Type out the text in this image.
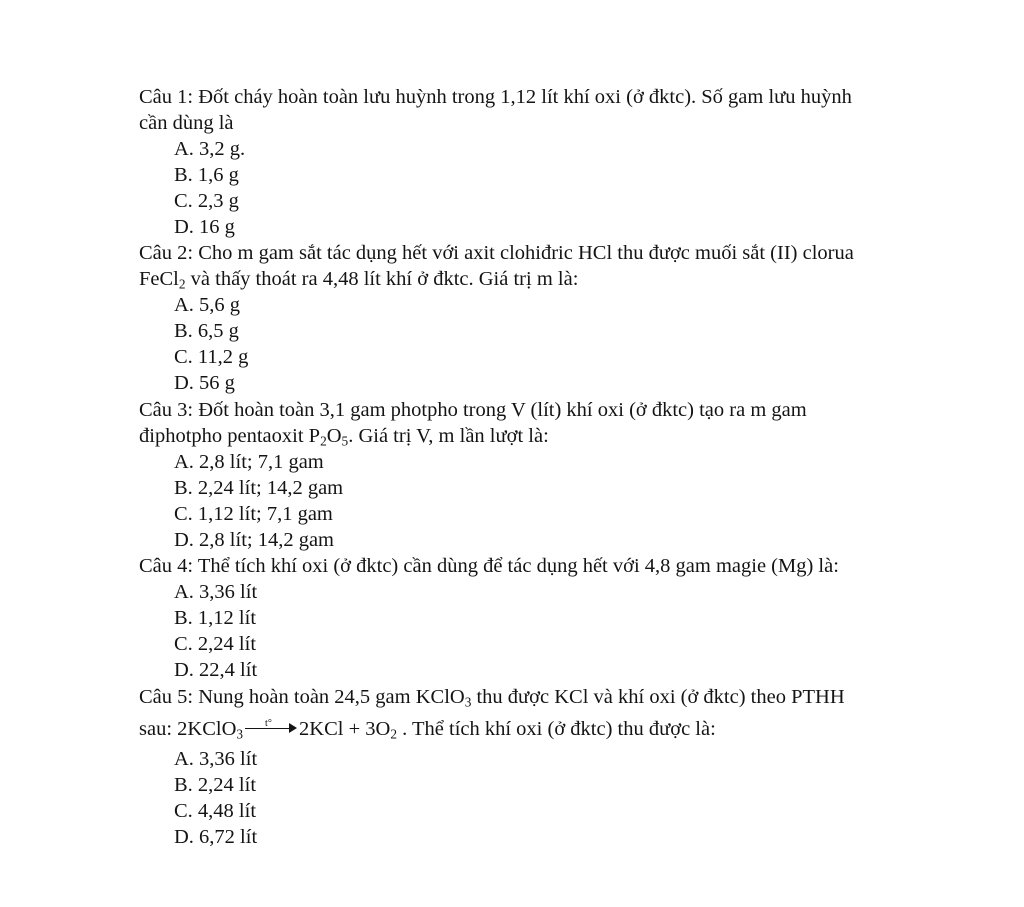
Câu 1: Đốt cháy hoàn toàn lưu huỳnh trong 1,12 lít khí oxi (ở đktc). Số gam lưu huỳnh
cần dùng là
A. 3,2 g.
B. 1,6 g
C. 2,3 g
D. 16 g
Câu 2: Cho m gam sắt tác dụng hết với axit clohiđric HCl thu được muối sắt (II) clorua
FeCl$_2$ và thấy thoát ra 4,48 lít khí ở đktc. Giá trị m là:
A. 5,6 g
B. 6,5 g
C. 11,2 g
D. 56 g
Câu 3: Đốt hoàn toàn 3,1 gam photpho trong V (lít) khí oxi (ở đktc) tạo ra m gam
điphotpho pentaoxit $P_2O_5$. Giá trị V, m lần lượt là:
A. 2,8 lít; 7,1 gam
B. 2,24 lít; 14,2 gam
C. 1,12 lít; 7,1 gam
D. 2,8 lít; 14,2 gam
Câu 4: Thể tích khí oxi (ở đktc) cần dùng để tác dụng hết với 4,8 gam magie (Mg) là:
A. 3,36 lít
B. 1,12 lít
C. 2,24 lít
D. 22,4 lít
Câu 5: Nung hoàn toàn 24,5 gam KClO$_3$ thu được KCl và khí oxi (ở đktc) theo PTHH
sau: 2KClO$_3$
t° $2KCl + 3O_2$ . Thể tích khí oxi (ở đktc) thu được là:
A. 3,36 lít
B. 2,24 lít
C. 4,48 lít
D. 6,72 lít
